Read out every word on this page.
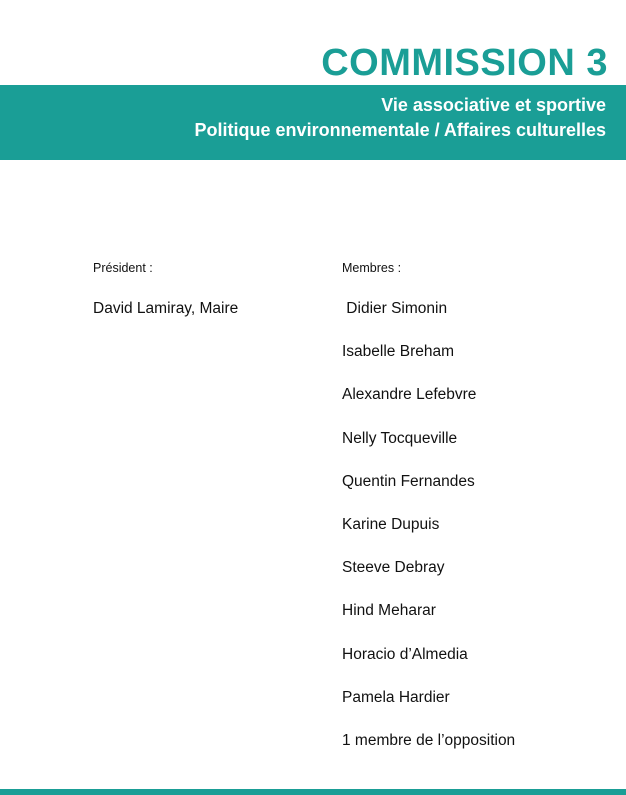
COMMISSION 3
Vie associative et sportive
Politique environnementale / Affaires culturelles

Président :

David Lamiray, Maire

Membres :

Didier Simonin
Isabelle Breham
Alexandre Lefebvre
Nelly Tocqueville
Quentin Fernandes
Karine Dupuis
Steeve Debray
Hind Meharar
Horacio d’Almedia
Pamela Hardier
1 membre de l’opposition
